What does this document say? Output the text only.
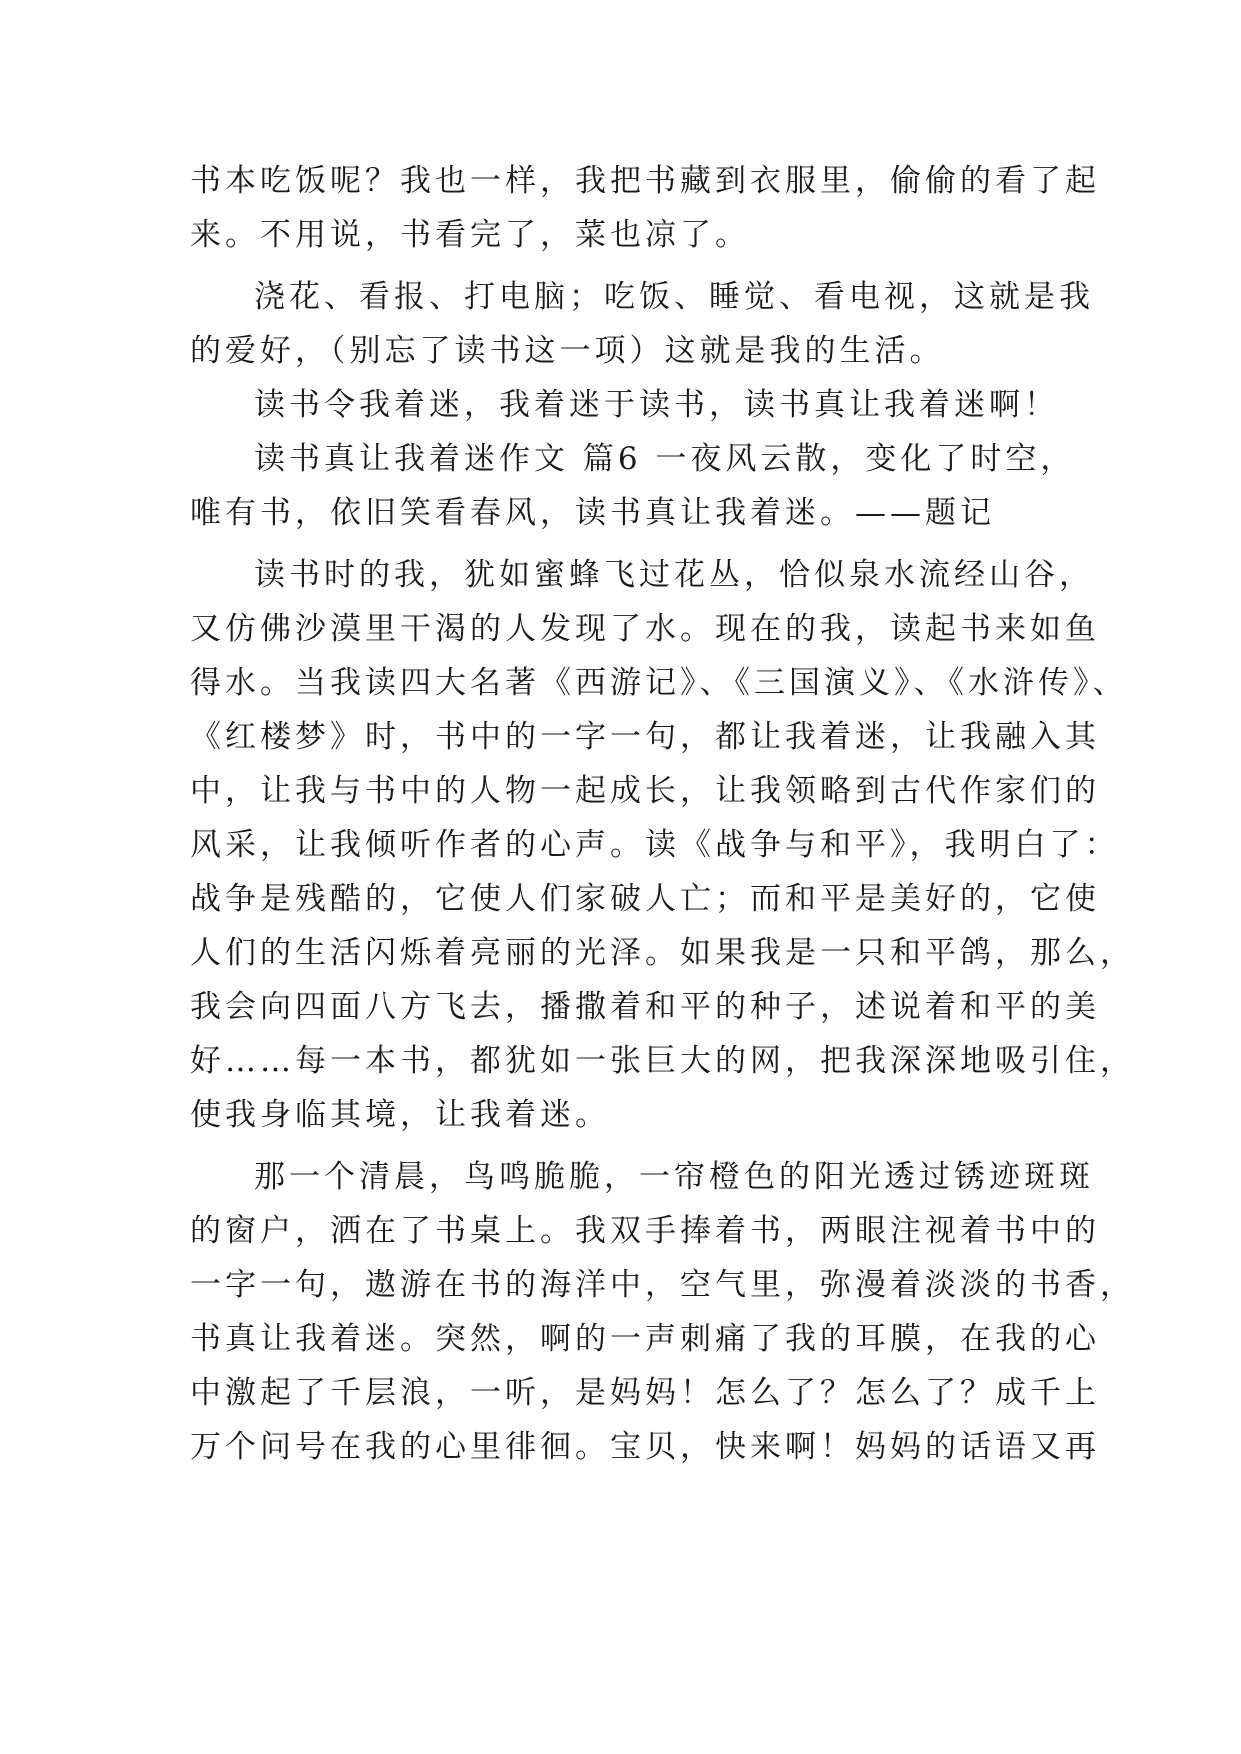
书本吃饭呢？我也一样，我把书藏到衣服里，偷偷的看了起
来。不用说，书看完了，菜也凉了。
浇花、看报、打电脑；吃饭、睡觉、看电视，这就是我
的爱好，（别忘了读书这一项）这就是我的生活。
读书令我着迷，我着迷于读书，读书真让我着迷啊！
读书真让我着迷作文 篇6 一夜风云散，变化了时空，
唯有书，依旧笑看春风，读书真让我着迷。——题记
读书时的我，犹如蜜蜂飞过花丛，恰似泉水流经山谷，
又仿佛沙漠里干渴的人发现了水。现在的我，读起书来如鱼
得水。当我读四大名著《西游记》、《三国演义》、《水浒传》、
《红楼梦》时，书中的一字一句，都让我着迷，让我融入其
中，让我与书中的人物一起成长，让我领略到古代作家们的
风采，让我倾听作者的心声。读《战争与和平》，我明白了：
战争是残酷的，它使人们家破人亡；而和平是美好的，它使
人们的生活闪烁着亮丽的光泽。如果我是一只和平鸽，那么，
我会向四面八方飞去，播撒着和平的种子，述说着和平的美
好……每一本书，都犹如一张巨大的网，把我深深地吸引住，
使我身临其境，让我着迷。
那一个清晨，鸟鸣脆脆，一帘橙色的阳光透过锈迹斑斑
的窗户，洒在了书桌上。我双手捧着书，两眼注视着书中的
一字一句，遨游在书的海洋中，空气里，弥漫着淡淡的书香，
书真让我着迷。突然，啊的一声刺痛了我的耳膜，在我的心
中激起了千层浪，一听，是妈妈！怎么了？怎么了？成千上
万个问号在我的心里徘徊。宝贝，快来啊！妈妈的话语又再
